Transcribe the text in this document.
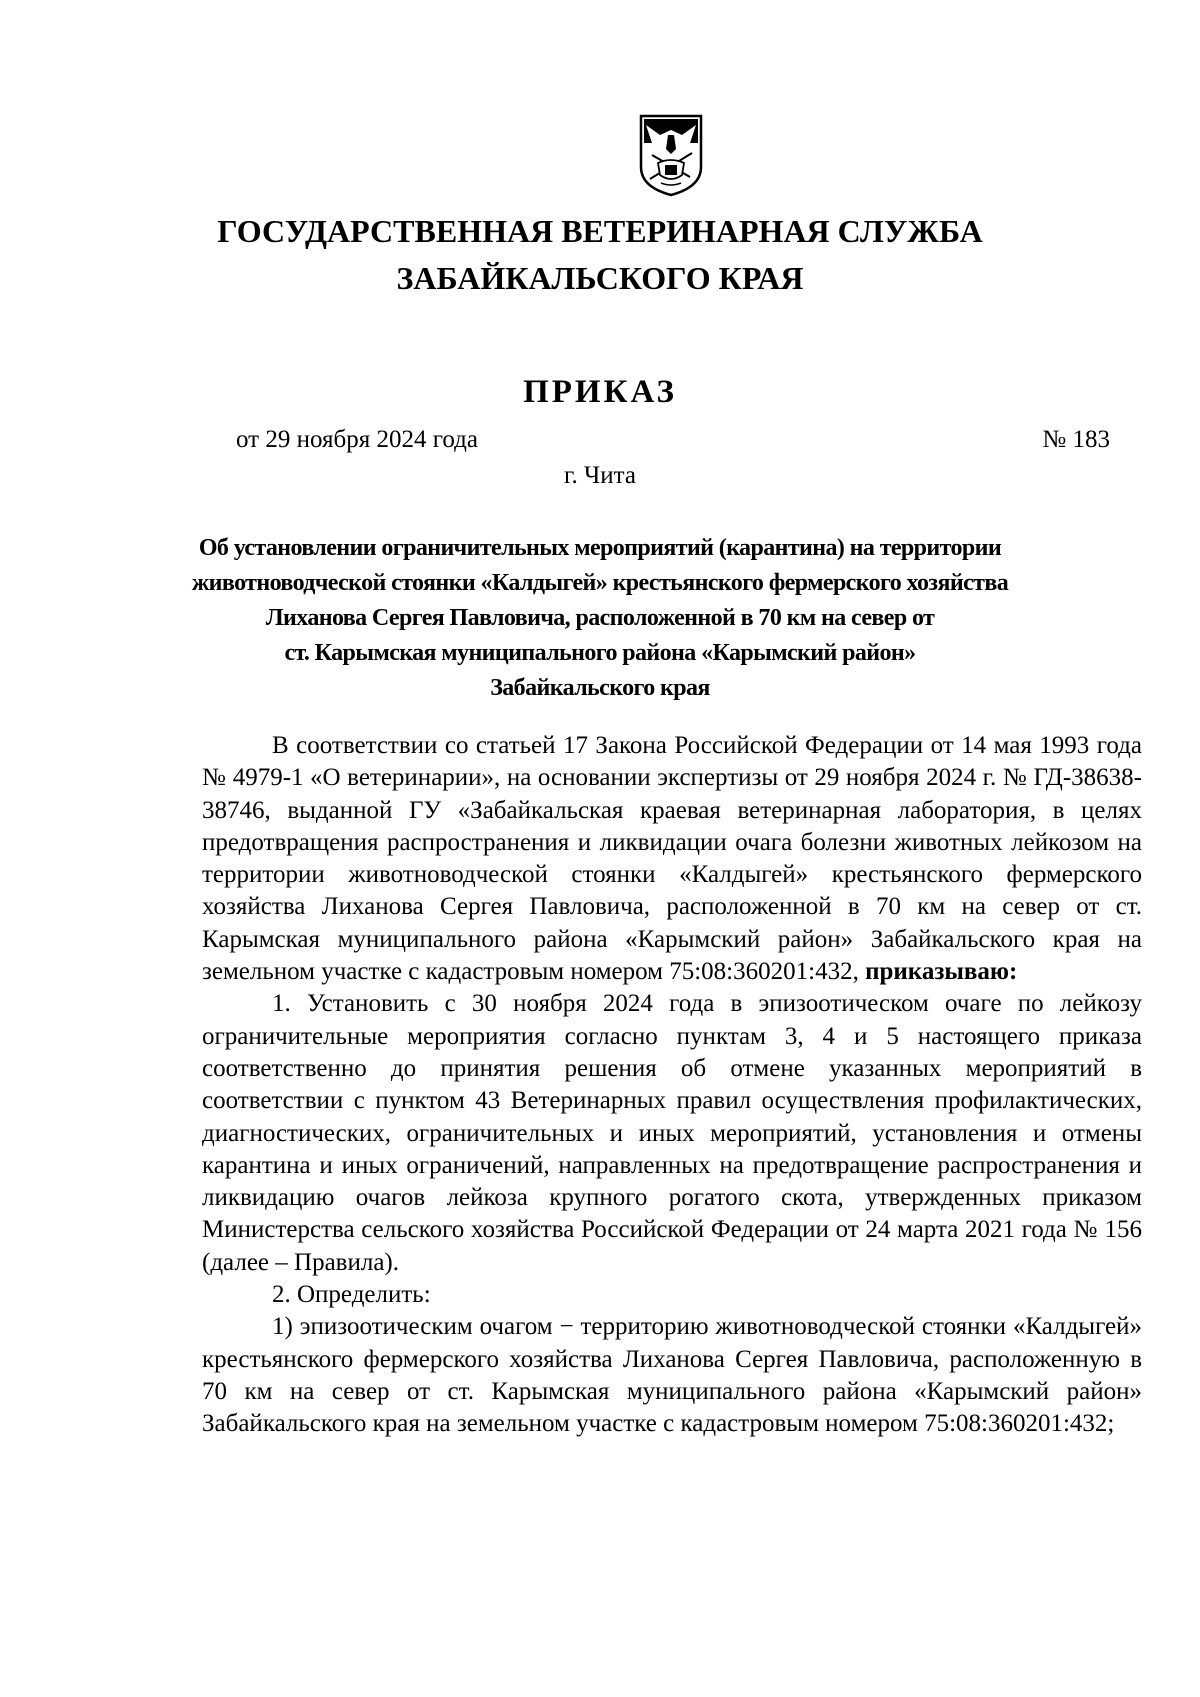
ГОСУДАРСТВЕННАЯ ВЕТЕРИНАРНАЯ СЛУЖБА
ЗАБАЙКАЛЬСКОГО КРАЯ
ПРИКАЗ
от 29 ноября 2024 года	№ 183
г. Чита
Об установлении ограничительных мероприятий (карантина) на территории
животноводческой стоянки «Калдыгей» крестьянского фермерского хозяйства
Лиханова Сергея Павловича, расположенной в 70 км на север от
ст. Карымская муниципального района «Карымский район»
Забайкальского края

В соответствии со статьей 17 Закона Российской Федерации от 14 мая 1993 года № 4979-1 «О ветеринарии», на основании экспертизы от 29 ноября 2024 г. № ГД-38638-38746, выданной ГУ «Забайкальская краевая ветеринарная лаборатория, в целях предотвращения распространения и ликвидации очага болезни животных лейкозом на территории животноводческой стоянки «Калдыгей» крестьянского фермерского хозяйства Лиханова Сергея Павловича, расположенной в 70 км на север от ст. Карымская муниципального района «Карымский район» Забайкальского края на земельном участке с кадастровым номером 75:08:360201:432, приказываю:

1. Установить с 30 ноября 2024 года в эпизоотическом очаге по лейкозу ограничительные мероприятия согласно пунктам 3, 4 и 5 настоящего приказа соответственно до принятия решения об отмене указанных мероприятий в соответствии с пунктом 43 Ветеринарных правил осуществления профилактических, диагностических, ограничительных и иных мероприятий, установления и отмены карантина и иных ограничений, направленных на предотвращение распространения и ликвидацию очагов лейкоза крупного рогатого скота, утвержденных приказом Министерства сельского хозяйства Российской Федерации от 24 марта 2021 года № 156 (далее – Правила).

2. Определить:

1) эпизоотическим очагом − территорию животноводческой стоянки «Калдыгей» крестьянского фермерского хозяйства Лиханова Сергея Павловича, расположенную в 70 км на север от ст. Карымская муниципального района «Карымский район» Забайкальского края на земельном участке с кадастровым номером 75:08:360201:432;
